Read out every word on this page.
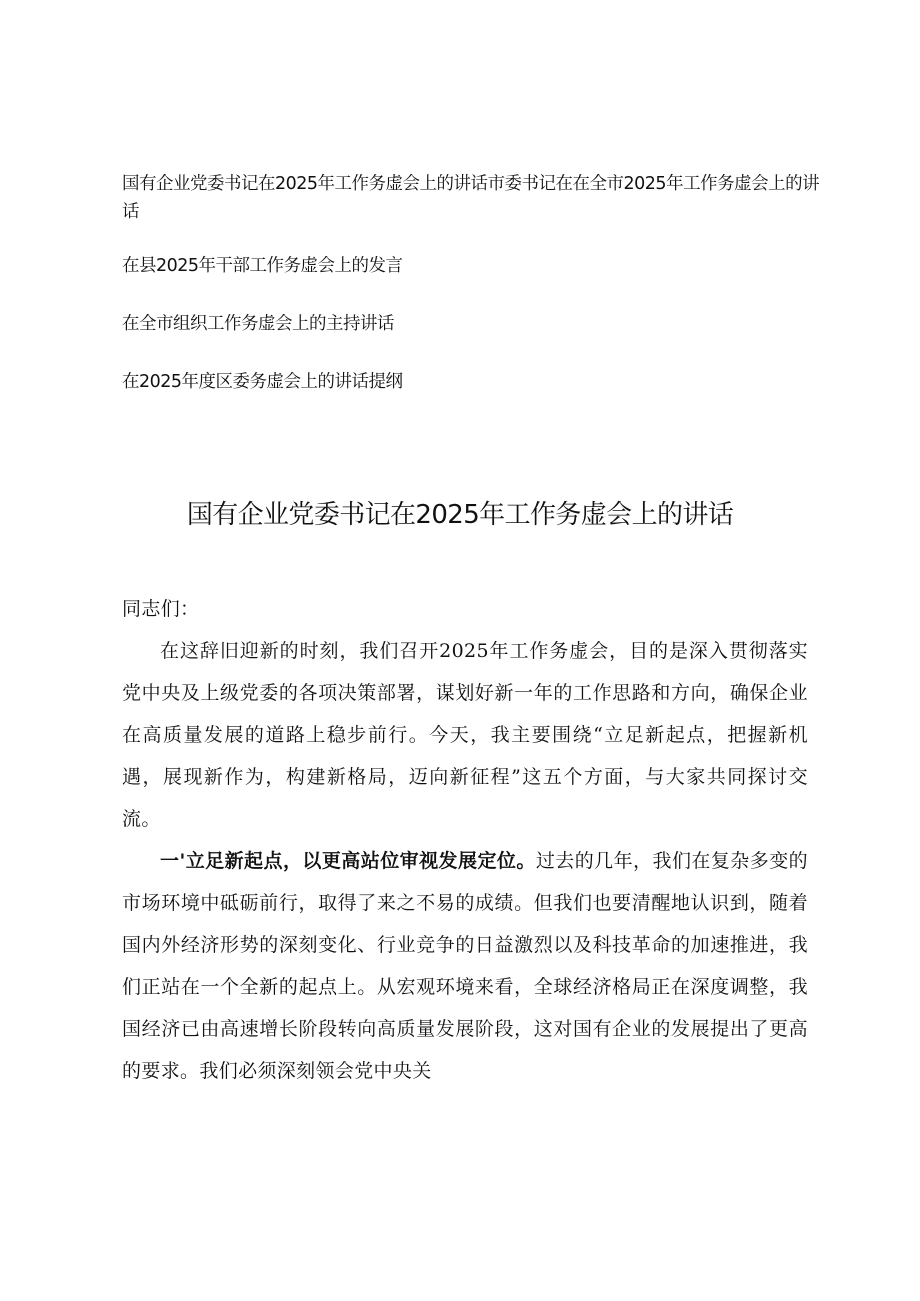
国有企业党委书记在2025年工作务虚会上的讲话市委书记在在全市2025年工作务虚会上的讲话
在县2025年干部工作务虚会上的发言
在全市组织工作务虚会上的主持讲话
在2025年度区委务虚会上的讲话提纲
国有企业党委书记在2025年工作务虚会上的讲话

同志们：

在这辞旧迎新的时刻，我们召开2025年工作务虚会，目的是深入贯彻落实党中央及上级党委的各项决策部署，谋划好新一年的工作思路和方向，确保企业在高质量发展的道路上稳步前行。今天，我主要围绕“立足新起点，把握新机遇，展现新作为，构建新格局，迈向新征程”这五个方面，与大家共同探讨交流。

一'立足新起点，以更高站位审视发展定位。过去的几年，我们在复杂多变的市场环境中砥砺前行，取得了来之不易的成绩。但我们也要清醒地认识到，随着国内外经济形势的深刻变化、行业竞争的日益激烈以及科技革命的加速推进，我们正站在一个全新的起点上。从宏观环境来看，全球经济格局正在深度调整，我国经济已由高速增长阶段转向高质量发展阶段，这对国有企业的发展提出了更高的要求。我们必须深刻领会党中央关
